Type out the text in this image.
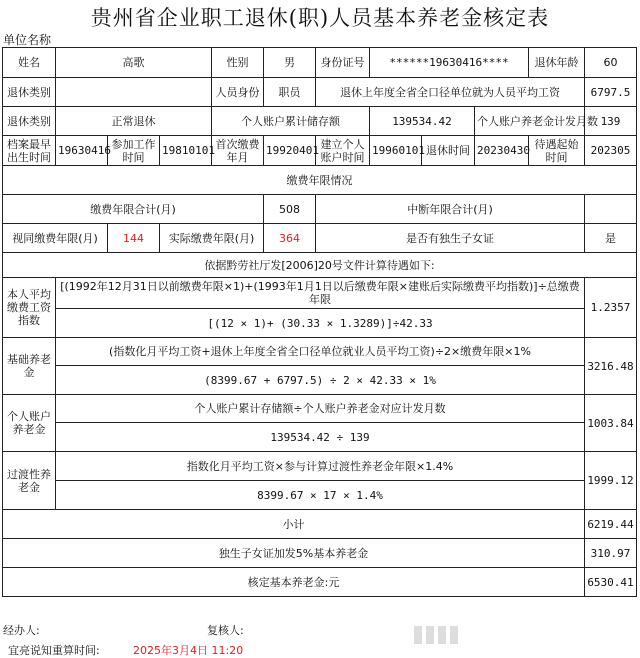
贵州省企业职工退休(职)人员基本养老金核定表
单位名称
姓名	高歌			性别	男	身份证号	******19630416****			退休年龄	60
退休类别				人员身份	职员	退休上年度全省全口径单位就为人员平均工资					6797.5
退休类别	正常退休			个人账户累计储存额			139534.42		个人账户养老金计发月数		139
档案最早出生时间	19630416	参加工作时间	19810101	首次缴费年月	19920401	建立个人账户时间	19960101	退休时间	20230430	待遇起始时间	202305
缴费年限情况											
缴费年限合计(月)					508	中断年限合计(月)					
视同缴费年限(月)		144	实际缴费年限(月)		364	是否有独生子女证					是
依据黔劳社厅发[2006]20号文件计算待遇如下:											
本人平均缴费工资指数	[(1992年12月31日以前缴费年限×1)+(1993年1月1日以后缴费年限×建账后实际缴费平均指数)]÷总缴费年限										1.2357
	[(12 × 1)+ (30.33 × 1.3289)]÷42.33										
基础养老金	(指数化月平均工资+退休上年度全省全口径单位就业人员平均工资)÷2×缴费年限×1%										3216.48
	(8399.67 + 6797.5) ÷ 2 × 42.33 × 1%										
个人账户养老金	个人账户累计存储额÷个人账户养老金对应计发月数										1003.84
	139534.42 ÷ 139										
过渡性养老金	指数化月平均工资×参与计算过渡性养老金年限×1.4%										1999.12
	8399.67 × 17 × 1.4%										
小计											6219.44
独生子女证加发5%基本养老金											310.97
核定基本养老金:元											6530.41
经办人:	复核人:
宜亮说知重算时间:	2025年3月4日 11:20
